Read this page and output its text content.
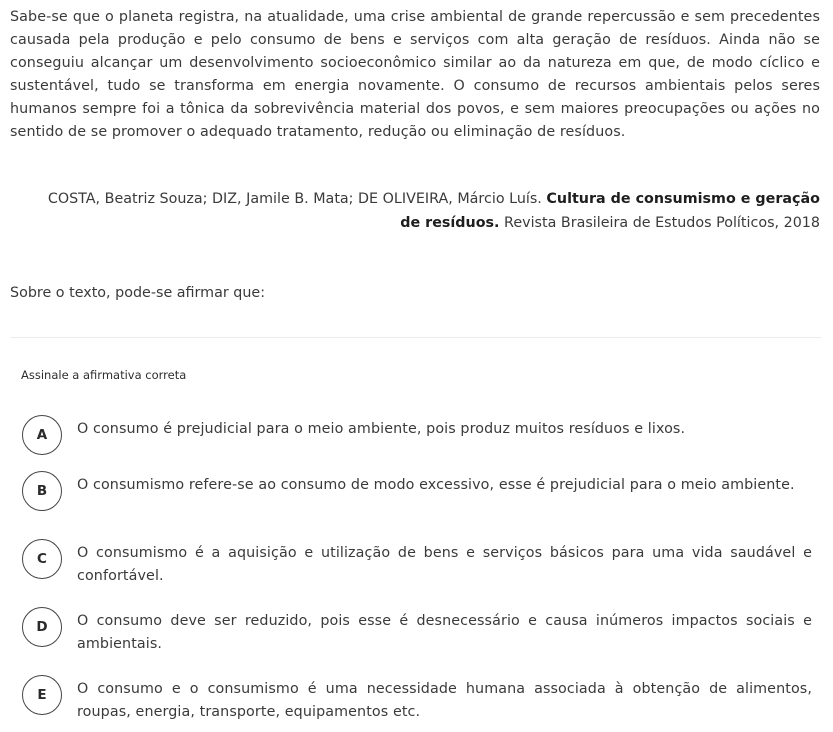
Sabe-se que o planeta registra, na atualidade, uma crise ambiental de grande repercussão e sem precedentes causada pela produção e pelo consumo de bens e serviços com alta geração de resíduos. Ainda não se conseguiu alcançar um desenvolvimento socioeconômico similar ao da natureza em que, de modo cíclico e sustentável, tudo se transforma em energia novamente. O consumo de recursos ambientais pelos seres humanos sempre foi a tônica da sobrevivência material dos povos, e sem maiores preocupações ou ações no sentido de se promover o adequado tratamento, redução ou eliminação de resíduos.
COSTA, Beatriz Souza; DIZ, Jamile B. Mata; DE OLIVEIRA, Márcio Luís. Cultura de consumismo e geração de resíduos. Revista Brasileira de Estudos Políticos, 2018
Sobre o texto, pode-se afirmar que:
Assinale a afirmativa correta
A	O consumo é prejudicial para o meio ambiente, pois produz muitos resíduos e lixos.
B	O consumismo refere-se ao consumo de modo excessivo, esse é prejudicial para o meio ambiente.
C	O consumismo é a aquisição e utilização de bens e serviços básicos para uma vida saudável e confortável.
D	O consumo deve ser reduzido, pois esse é desnecessário e causa inúmeros impactos sociais e ambientais.
E	O consumo e o consumismo é uma necessidade humana associada à obtenção de alimentos, roupas, energia, transporte, equipamentos etc.
